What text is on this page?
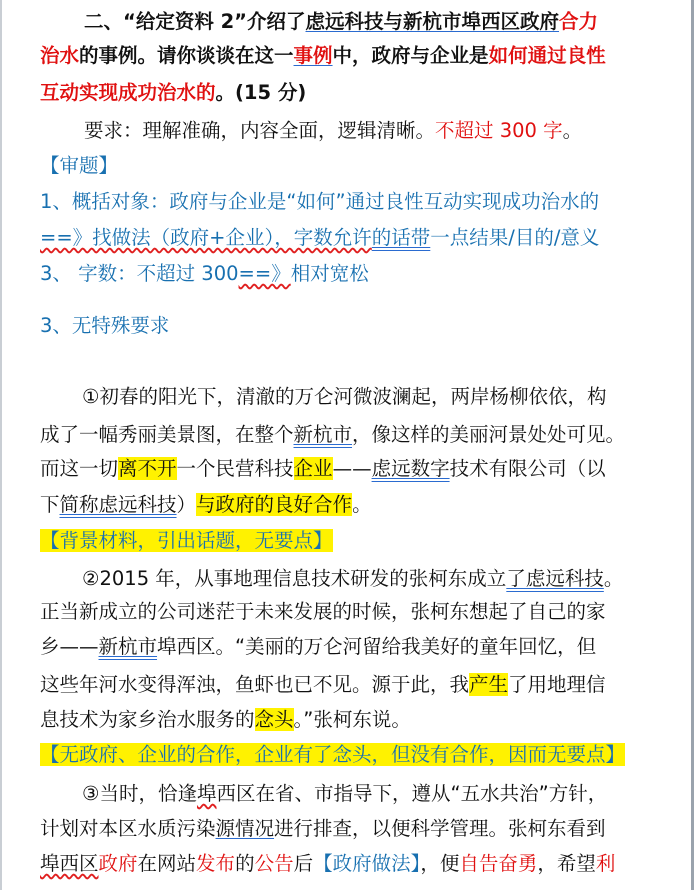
二、“给定资料 2”介绍了虑远科技与新杭市埠西区政府合力
治水的事例。请你谈谈在这一事例中，政府与企业是如何通过良性
互动实现成功治水的。(15 分)
要求：理解准确，内容全面，逻辑清晰。不超过 300 字。
【审题】
1、概括对象：政府与企业是“如何”通过良性互动实现成功治水的
==》找做法（政府+企业），字数允许的话带一点结果/目的/意义
3、 字数：不超过 300==》相对宽松
3、无特殊要求
①初春的阳光下，清澈的万仑河微波澜起，两岸杨柳依依，构
成了一幅秀丽美景图，在整个新杭市，像这样的美丽河景处处可见。
而这一切离不开一个民营科技企业——虑远数字技术有限公司（以
下简称虑远科技）与政府的良好合作。
【背景材料，引出话题，无要点】
②2015 年，从事地理信息技术研发的张柯东成立了虑远科技。
正当新成立的公司迷茫于未来发展的时候，张柯东想起了自己的家
乡——新杭市埠西区。“美丽的万仑河留给我美好的童年回忆，但
这些年河水变得浑浊，鱼虾也已不见。源于此，我产生了用地理信
息技术为家乡治水服务的念头。”张柯东说。
【无政府、企业的合作，企业有了念头，但没有合作，因而无要点】
③当时，恰逢埠西区在省、市指导下，遵从“五水共治”方针，
计划对本区水质污染源情况进行排查，以便科学管理。张柯东看到
埠西区政府在网站发布的公告后【政府做法】，便自告奋勇，希望利
